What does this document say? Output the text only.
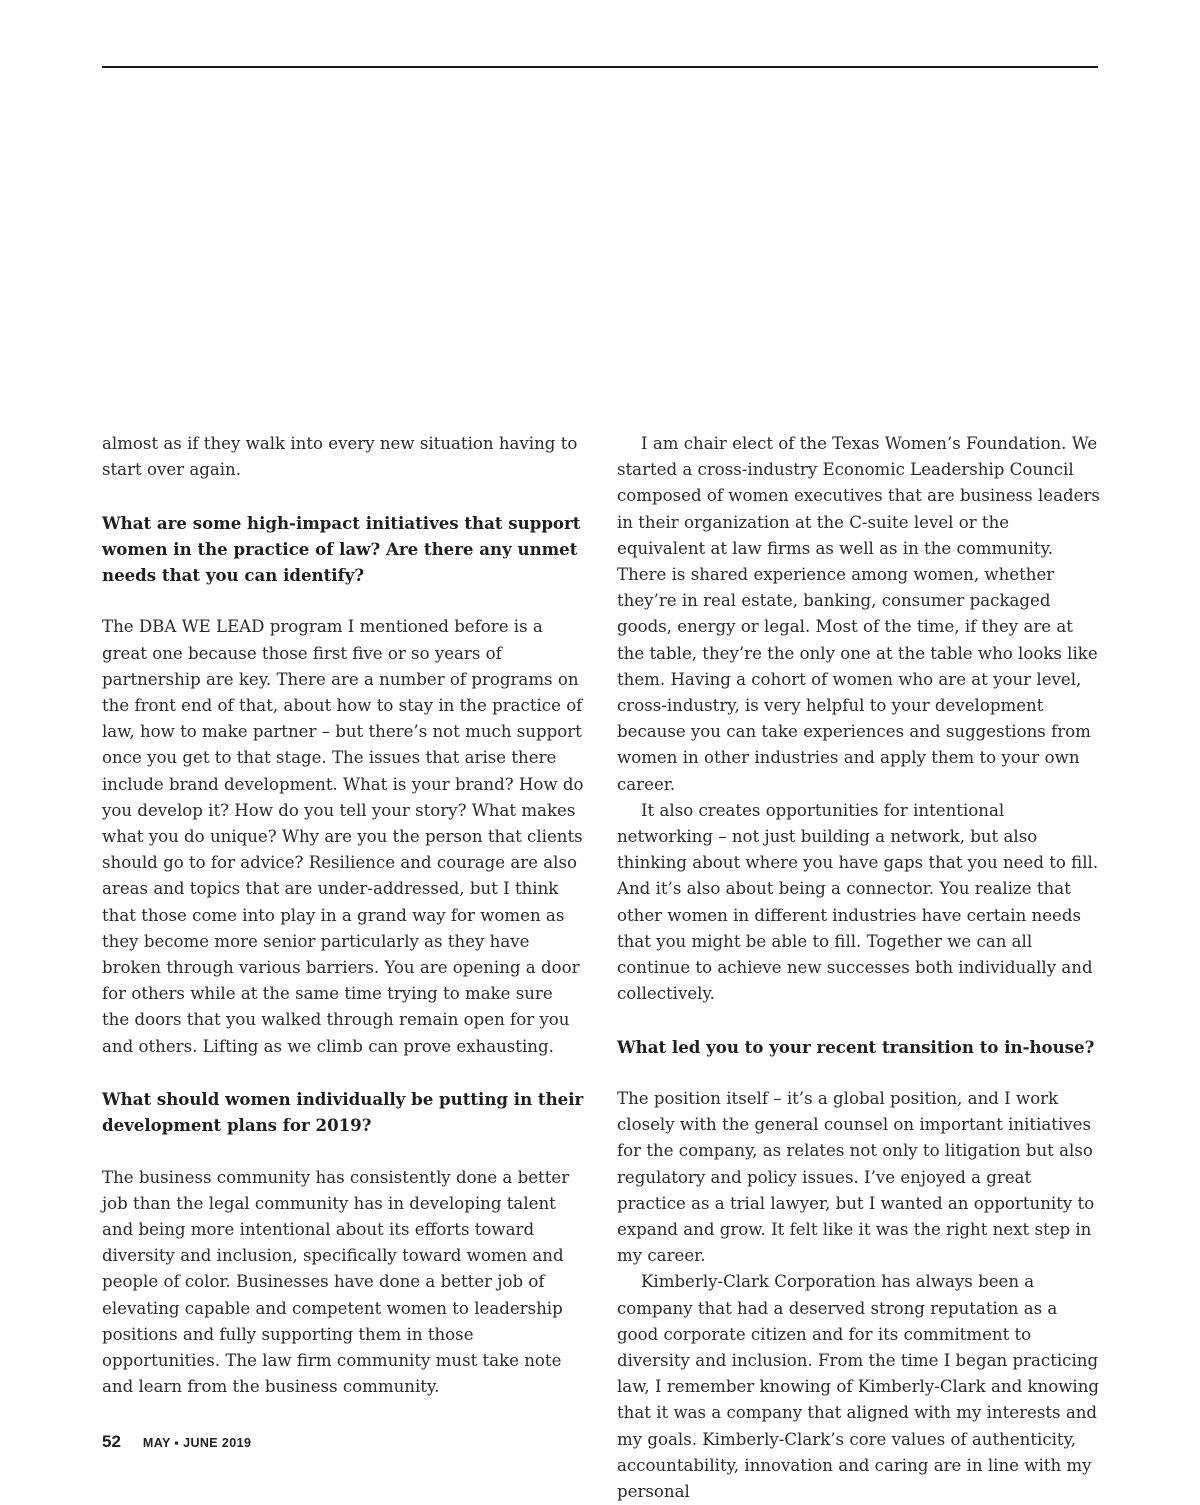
almost as if they walk into every new situation having to start over again.

What are some high-impact initiatives that support women in the practice of law? Are there any unmet needs that you can identify?

The DBA WE LEAD program I mentioned before is a great one because those first five or so years of partnership are key. There are a number of programs on the front end of that, about how to stay in the practice of law, how to make partner – but there’s not much support once you get to that stage. The issues that arise there include brand development. What is your brand? How do you develop it? How do you tell your story? What makes what you do unique? Why are you the person that clients should go to for advice? Resilience and courage are also areas and topics that are under-addressed, but I think that those come into play in a grand way for women as they become more senior particularly as they have broken through various barriers. You are opening a door for others while at the same time trying to make sure the doors that you walked through remain open for you and others. Lifting as we climb can prove exhausting.

What should women individually be putting in their development plans for 2019?

The business community has consistently done a better job than the legal community has in developing talent and being more intentional about its efforts toward diversity and inclusion, specifically toward women and people of color. Businesses have done a better job of elevating capable and competent women to leadership positions and fully supporting them in those opportunities. The law firm community must take note and learn from the business community.

I am chair elect of the Texas Women’s Foundation. We started a cross-industry Economic Leadership Council composed of women executives that are business leaders in their organization at the C-suite level or the equivalent at law firms as well as in the community. There is shared experience among women, whether they’re in real estate, banking, consumer packaged goods, energy or legal. Most of the time, if they are at the table, they’re the only one at the table who looks like them. Having a cohort of women who are at your level, cross-industry, is very helpful to your development because you can take experiences and suggestions from women in other industries and apply them to your own career.

It also creates opportunities for intentional networking – not just building a network, but also thinking about where you have gaps that you need to fill. And it’s also about being a connector. You realize that other women in different industries have certain needs that you might be able to fill. Together we can all continue to achieve new successes both individually and collectively.

What led you to your recent transition to in-house?

The position itself – it’s a global position, and I work closely with the general counsel on important initiatives for the company, as relates not only to litigation but also regulatory and policy issues. I’ve enjoyed a great practice as a trial lawyer, but I wanted an opportunity to expand and grow. It felt like it was the right next step in my career.

Kimberly-Clark Corporation has always been a company that had a deserved strong reputation as a good corporate citizen and for its commitment to diversity and inclusion. From the time I began practicing law, I remember knowing of Kimberly-Clark and knowing that it was a company that aligned with my interests and my goals. Kimberly-Clark’s core values of authenticity, accountability, innovation and caring are in line with my personal

52 MAY ▪ JUNE 2019
